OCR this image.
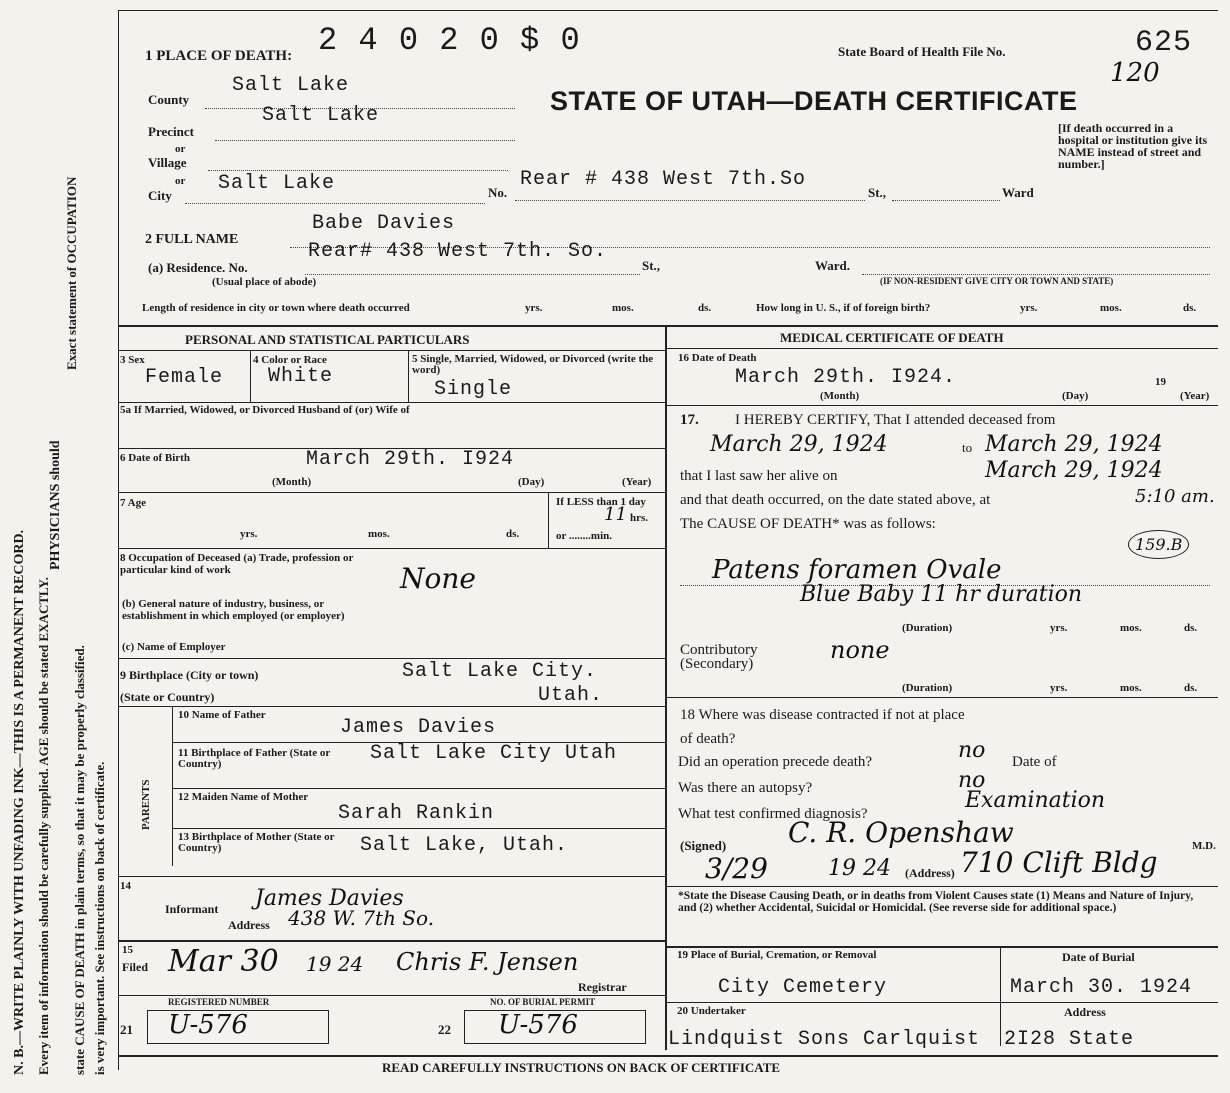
N. B.—WRITE PLAINLY WITH UNFADING INK—THIS IS A PERMANENT RECORD.
PHYSICIANS should
Every item of information should be carefully supplied. AGE should be stated EXACTLY.
Exact statement of OCCUPATION
state CAUSE OF DEATH in plain terms, so that it may be properly classified. is very important. See instructions on back of certificate.
1 PLACE OF DEATH: 2 4 0 2 0 $ 0	State Board of Health File No.	625
120
STATE OF UTAH—DEATH CERTIFICATE
[If death occurred in a hospital or institution give its NAME instead of street and number.]
County
Salt Lake
Precinct
Salt Lake
or
Village
or
City
Salt Lake	No.
Rear # 438 West 7th.So
St.,	Ward
2 FULL NAME
Babe Davies
(a) Residence. No.
Rear# 438 West 7th. So.
St.,	Ward.
(Usual place of abode)	(IF NON-RESIDENT GIVE CITY OR TOWN AND STATE)
Length of residence in city or town where death occurred	yrs.	mos.	ds.	How long in U. S., if of foreign birth?	yrs.	mos.	ds.
PERSONAL AND STATISTICAL PARTICULARS
3 Sex
Female
4 Color or Race
White
5 Single, Married, Widowed, or Divorced (write the word)
Single
5a If Married, Widowed, or Divorced Husband of (or) Wife of
6 Date of Birth	March 29th. I924
(Month)	(Day)	(Year)
7 Age
yrs.	mos.	ds.
If LESS than 1 day
11 hrs.
or ........min.
8 Occupation of Deceased (a) Trade, profession or particular kind of work	None
(b) General nature of industry, business, or establishment in which employed (or employer)
(c) Name of Employer
9 Birthplace (City or town)	Salt Lake City.
(State or Country)	Utah.
PARENTS
10 Name of Father
James Davies
11 Birthplace of Father (State or Country)	Salt Lake City Utah
12 Maiden Name of Mother
Sarah Rankin
13 Birthplace of Mother (State or Country)	Salt Lake, Utah.
14
Informant James Davies
Address 438 W. 7th So.
15
Filed Mar 30 19 24 Chris F. Jensen
Registrar
REGISTERED NUMBER
21 U-576
NO. OF BURIAL PERMIT
22 U-576
MEDICAL CERTIFICATE OF DEATH
16 Date of Death
March 29th. I924.	19
(Month)	(Day)	(Year)
17. I HEREBY CERTIFY, That I attended deceased from
March 29, 1924	to March 29, 1924
that I last saw her alive on	March 29, 1924
and that death occurred, on the date stated above, at	5:10 am.
The CAUSE OF DEATH* was as follows:
159.B
Patens foramen Ovale
Blue Baby 11 hr duration
(Duration)	yrs.	mos.	ds.
Contributory (Secondary)	none
(Duration)	yrs.	mos.	ds.
18 Where was disease contracted if not at place of death?
Did an operation precede death?	no Date of
Was there an autopsy?	no
What test confirmed diagnosis?
Examination
(Signed) C. R. Openshaw	M.D.
3/29	19 24 (Address) 710 Clift Bldg
*State the Disease Causing Death, or in deaths from Violent Causes state (1) Means and Nature of Injury, and (2) whether Accidental, Suicidal or Homicidal. (See reverse side for additional space.)
19 Place of Burial, Cremation, or Removal	Date of Burial
City Cemetery	March 30. 1924
20 Undertaker	Address
Lindquist Sons Carlquist 2I28 State
READ CAREFULLY INSTRUCTIONS ON BACK OF CERTIFICATE
